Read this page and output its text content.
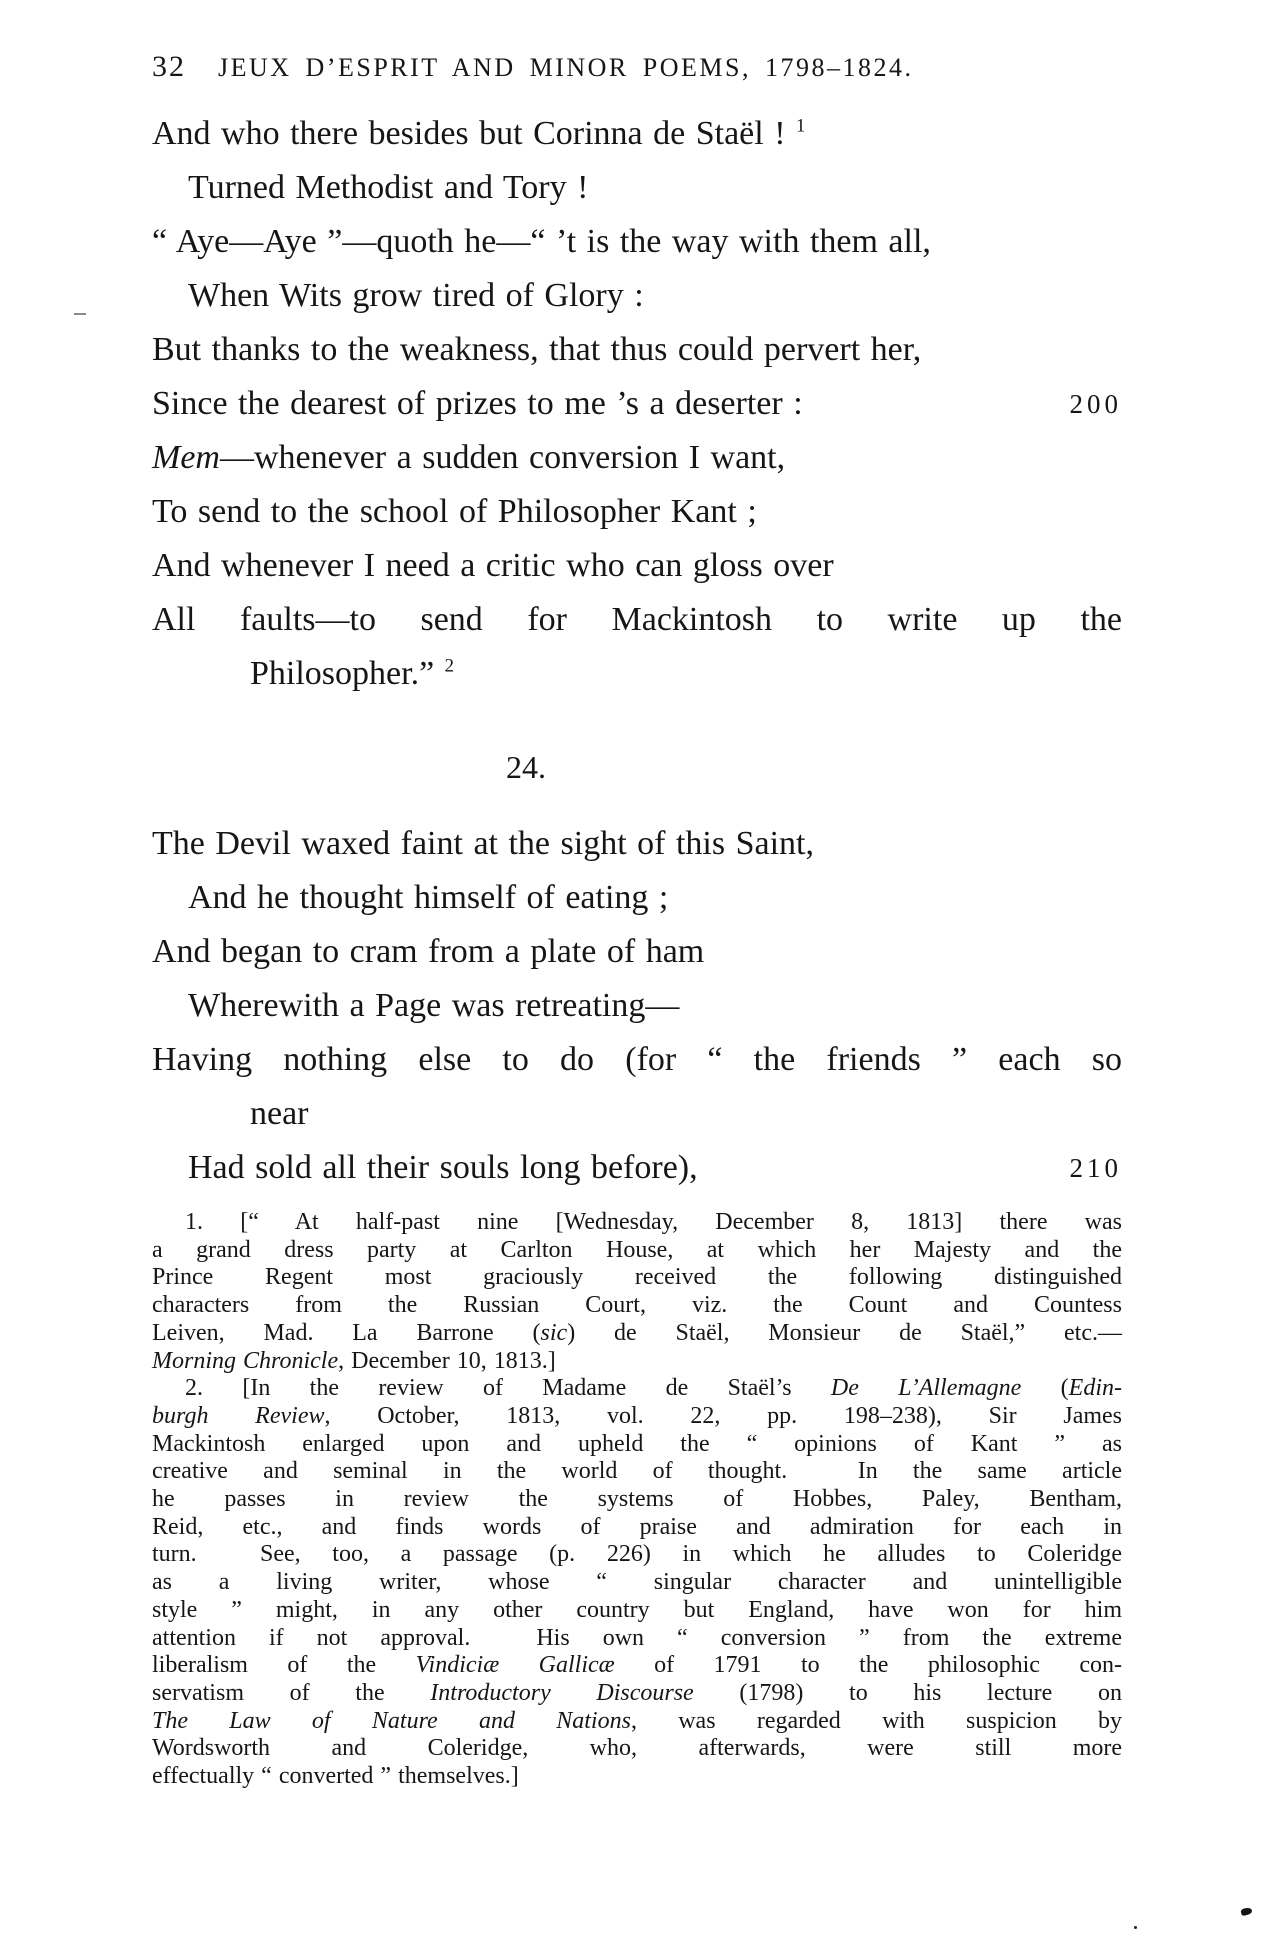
32 JEUX D’ESPRIT AND MINOR POEMS, 1798–1824.
And who there besides but Corinna de Staël ! $^1$
Turned Methodist and Tory !
“ Aye—Aye ”—quoth he—“ ’t is the way with them all,
When Wits grow tired of Glory :
But thanks to the weakness, that thus could pervert her,
Since the dearest of prizes to me ’s a deserter :	200
Mem—whenever a sudden conversion I want,
To send to the school of Philosopher Kant ;
And whenever I need a critic who can gloss over
All faults—to send for Mackintosh to write up the
Philosopher.” $^2$
24.
The Devil waxed faint at the sight of this Saint,
And he thought himself of eating ;
And began to cram from a plate of ham
Wherewith a Page was retreating—
Having nothing else to do (for “ the friends ” each so
near
Had sold all their souls long before),	210
1. [“ At half-past nine [Wednesday, December 8, 1813] there was
a grand dress party at Carlton House, at which her Majesty and the
Prince Regent most graciously received the following distinguished
characters from the Russian Court, viz. the Count and Countess
Leiven, Mad. La Barrone (sic) de Staël, Monsieur de Staël,” etc.—
Morning Chronicle, December 10, 1813.]
2. [In the review of Madame de Staël’s De L’Allemagne (Edin-
burgh Review, October, 1813, vol. 22, pp. 198–238), Sir James
Mackintosh enlarged upon and upheld the “ opinions of Kant ” as
creative and seminal in the world of thought.  In the same article
he passes in review the systems of Hobbes, Paley, Bentham,
Reid, etc., and finds words of praise and admiration for each in
turn.  See, too, a passage (p. 226) in which he alludes to Coleridge
as a living writer, whose “ singular character and unintelligible
style ” might, in any other country but England, have won for him
attention if not approval.  His own “ conversion ” from the extreme
liberalism of the Vindiciæ Gallicæ of 1791 to the philosophic con-
servatism of the Introductory Discourse (1798) to his lecture on
The Law of Nature and Nations, was regarded with suspicion by
Wordsworth and Coleridge, who, afterwards, were still more
effectually “ converted ” themselves.]
